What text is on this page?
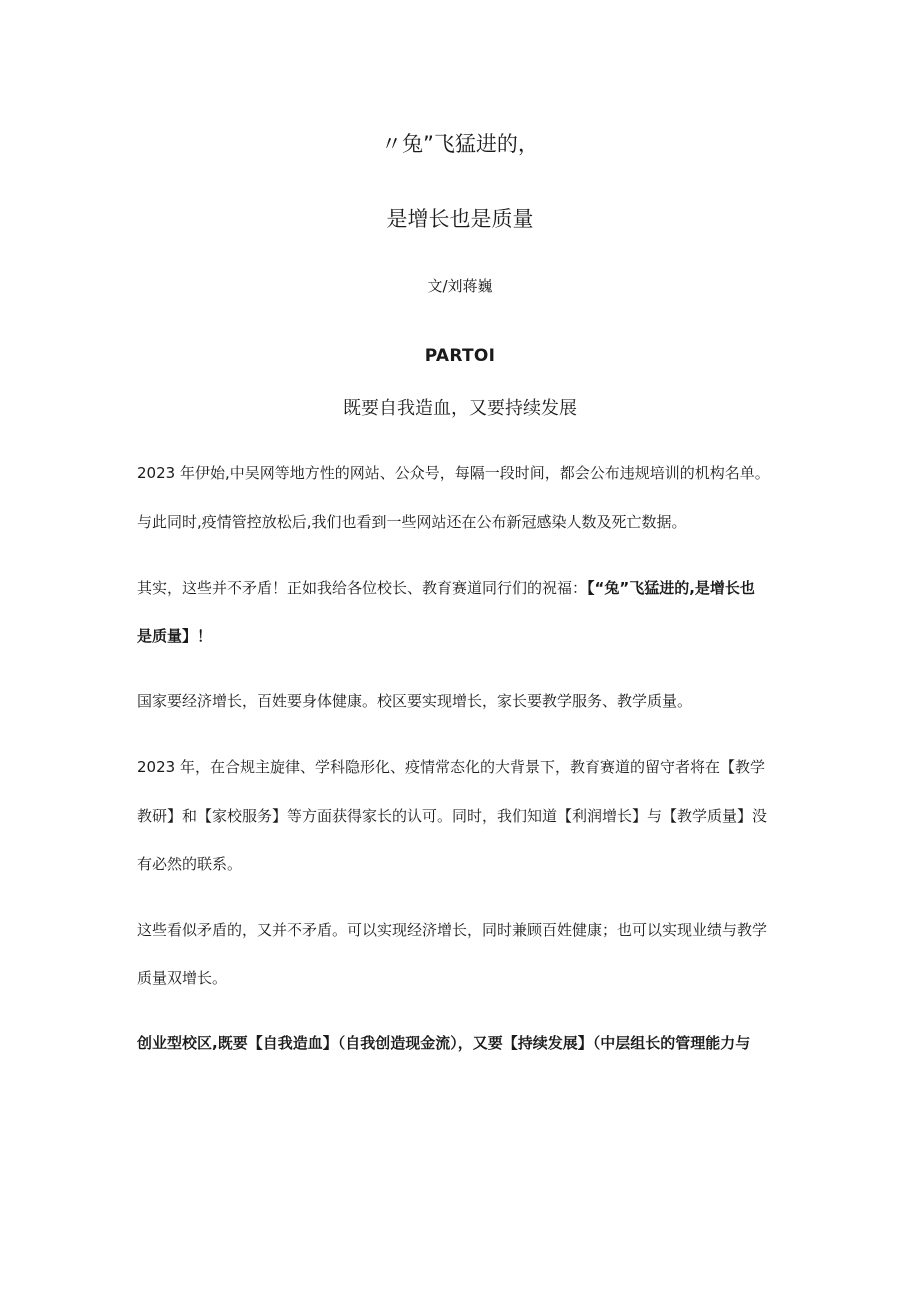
〃兔”飞猛进的，
是增长也是质量
文/刘蒋巍
PARTOI
既要自我造血，又要持续发展
2023 年伊始,中吴网等地方性的网站、公众号，每隔一段时间，都会公布违规培训的机构名单。
与此同时,疫情管控放松后,我们也看到一些网站还在公布新冠感染人数及死亡数据。
其实，这些并不矛盾！正如我给各位校长、教育赛道同行们的祝福：【“兔”飞猛进的,是增长也
是质量】！
国家要经济增长，百姓要身体健康。校区要实现增长，家长要教学服务、教学质量。
2023 年，在合规主旋律、学科隐形化、疫情常态化的大背景下，教育赛道的留守者将在【教学
教研】和【家校服务】等方面获得家长的认可。同时，我们知道【利润增长】与【教学质量】没
有必然的联系。
这些看似矛盾的，又并不矛盾。可以实现经济增长，同时兼顾百姓健康；也可以实现业绩与教学
质量双增长。
创业型校区,既要【自我造血】（自我创造现金流），又要【持续发展】（中层组长的管理能力与
